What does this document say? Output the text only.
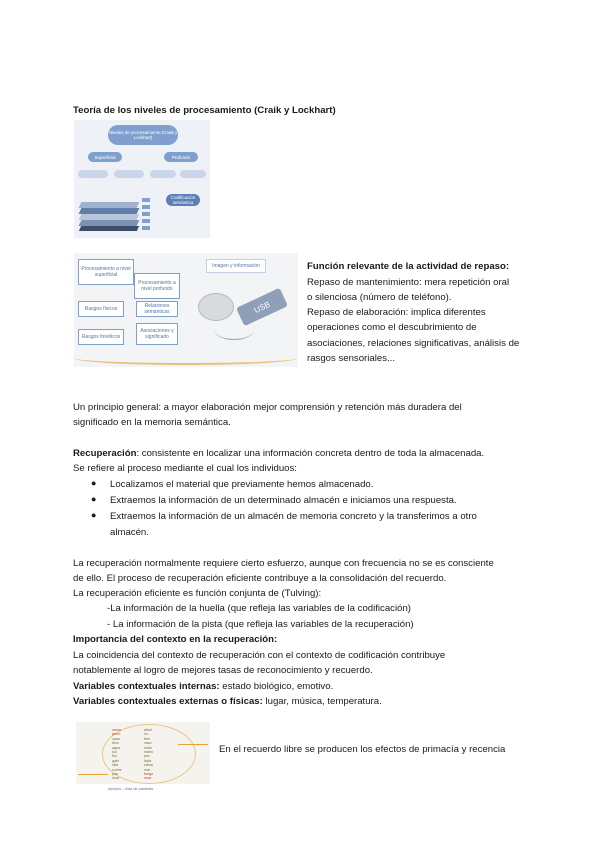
Teoría de los niveles de procesamiento (Craik y Lockhart)
Niveles de procesamiento (Craik y Lockhart)
Superficial	Profundo
Codificación semántica
Procesamiento a nivel superficial
Procesamiento a nivel profundo
Rasgos físicos
Rasgos fonéticos
Relaciones semánticas
Asociaciones y significado
Imagen y información
USB
Función relevante de la actividad de repaso:
Repaso de mantenimiento: mera repetición oral
o silenciosa (número de teléfono).
Repaso de elaboración: implica diferentes
operaciones como el descubrimiento de
asociaciones, relaciones significativas, análisis de
rasgos sensoriales...
Un principio general: a mayor elaboración mejor comprensión y retención más duradera del
significado en la memoria semántica.
Recuperación: consistente en localizar una información concreta dentro de toda la almacenada.
Se refiere al proceso mediante el cual los individuos:
● Localizamos el material que previamente hemos almacenado.
● Extraemos la información de un determinado almacén e iniciamos una respuesta.
● Extraemos la información de un almacén de memoria concreto y la transferimos a otro
almacén.
La recuperación normalmente requiere cierto esfuerzo, aunque con frecuencia no se es consciente
de ello. El proceso de recuperación eficiente contribuye a la consolidación del recuerdo.
La recuperación eficiente es función conjunta de (Tulving):
-La información de la huella (que refleja las variables de la codificación)
- La información de la pista (que refleja las variables de la recuperación)
Importancia del contexto en la recuperación:
La coincidencia del contexto de recuperación con el contexto de codificación contribuye
notablemente al logro de mejores tasas de reconocimiento y recuerdo.
Variables contextuales internas: estado biológico, emotivo.
Variables contextuales externas o físicas: lugar, música, temperatura.
mesa
perro
casa
libro
agua
sol
flor
gato
silla
coche
pan
luna
árbol
río
tren
vaso
nube
mano
pez
lápiz
cama
mar
fuego
rosa
ejemplo – lista de palabras
En el recuerdo libre se producen los efectos de primacía y recencia
